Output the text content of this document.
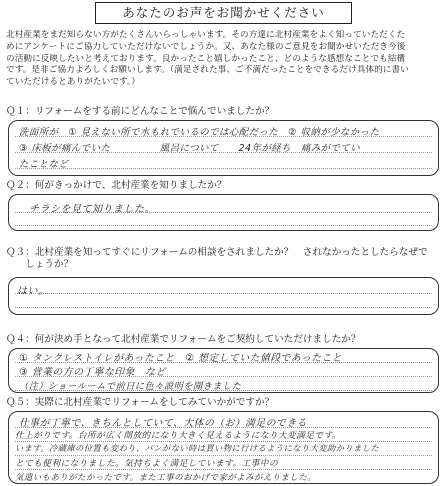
あなたのお声をお聞かせください
北村産業をまだ知らない方がたくさんいらっしゃいます。その方達に北村産業をよく知っていただくた
めにアンケートにご協力していただけないでしょうか。又、あなた様のご意見をお聞かせいただき今後
の活動に反映したいと考えております。良かったこと嬉しかったこと、どのような感想なことでも結構
です。是非ご協力よろしくお願いします。（満足された事、ご不満だったことをできるだけ具体的に書い
ていただけるとありがたいです。）
Ｑ１：リフォームをする前にどんなことで悩んでいましたか？
洗面所が　① 見えない所で水もれでいるのでは心配だった　② 収納が少なかった
③ 床板が痛んでいた　　　　　風呂について　　24年が経ち　痛みがでてい
たことなど
Ｑ２：何がきっかけで、北村産業を知りましたか？
チラシを見て知りました。
Ｑ３：北村産業を知ってすぐにリフォームの相談をされましたか？　されなかったとしたらなぜで
　　しょうか？
はい。
Ｑ４：何が決め手となって北村産業でリフォームをご契約していただけましたか？
① タンクレストイレがあったこと　② 想定していた値段であったこと
③ 営業の方の丁寧な印象　など
（注）ショールームで前日に色々説明を聞きました
Ｑ５：実際に北村産業でリフォームをしてみていかがですか？
仕事が丁寧で、きちんとしていて、大体の（お）満足のできる
仕上がりです。台所が広く開放的になり大きく見えるようになり大変満足です。
います。冷蔵庫の位置も変わり、パンがない時は買い物に行けるようになり大変助かりました
とても便利になりました。気持ちよく満足しています。工事中の
気遣いもありがたかったです。また工事のおかげで家がよみがえりました。
